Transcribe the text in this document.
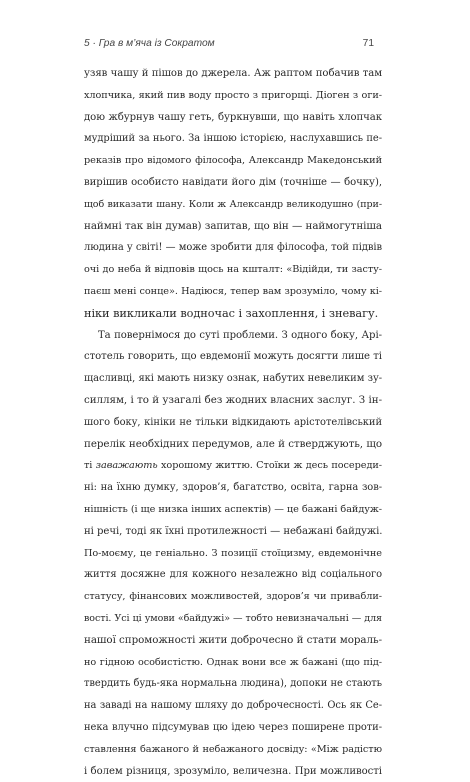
5 · Гра в м’яча із Сократом	71
узяв чашу й пішов до джерела. Аж раптом побачив там
хлопчика, який пив воду просто з пригорщі. Діоген з оги-
дою жбурнув чашу геть, буркнувши, що навіть хлопчак
мудріший за нього. За іншою історією, наслухавшись пе-
реказів про відомого філософа, Александр Македонський
вирішив особисто навідати його дім (точніше — бочку),
щоб виказати шану. Коли ж Александр великодушно (при-
наймні так він думав) запитав, що він — наймогутніша
людина у світі! — може зробити для філософа, той підвів
очі до неба й відповів щось на кшталт: «Відійди, ти засту-
паєш мені сонце». Надіюся, тепер вам зрозуміло, чому кі-
ніки викликали водночас і захоплення, і зневагу.
Та повернімося до суті проблеми. З одного боку, Арі-
стотель говорить, що евдемонії можуть досягти лише ті
щасливці, які мають низку ознак, набутих невеликим зу-
силлям, і то й узагалі без жодних власних заслуг. З ін-
шого боку, кініки не тільки відкидають арістотелівський
перелік необхідних передумов, але й стверджують, що
ті заважають хорошому життю. Стоїки ж десь посереди-
ні: на їхню думку, здоров’я, багатство, освіта, гарна зов-
нішність (і ще низка інших аспектів) — це бажані байдуж-
ні речі, тоді як їхні протилежності — небажані байдужі.
По-моєму, це геніально. З позиції стоїцизму, евдемонічне
життя досяжне для кожного незалежно від соціального
статусу, фінансових можливостей, здоров’я чи привабли-
вості. Усі ці умови «байдужі» — тобто невизначальні — для
нашої спроможності жити доброчесно й стати мораль-
но гідною особистістю. Однак вони все ж бажані (що під-
твердить будь-яка нормальна людина), допоки не стають
на заваді на нашому шляху до доброчесності. Ось як Се-
нека влучно підсумував цю ідею через поширене проти-
ставлення бажаного й небажаного досвіду: «Між радістю
і болем різниця, зрозуміло, величезна. При можливості
